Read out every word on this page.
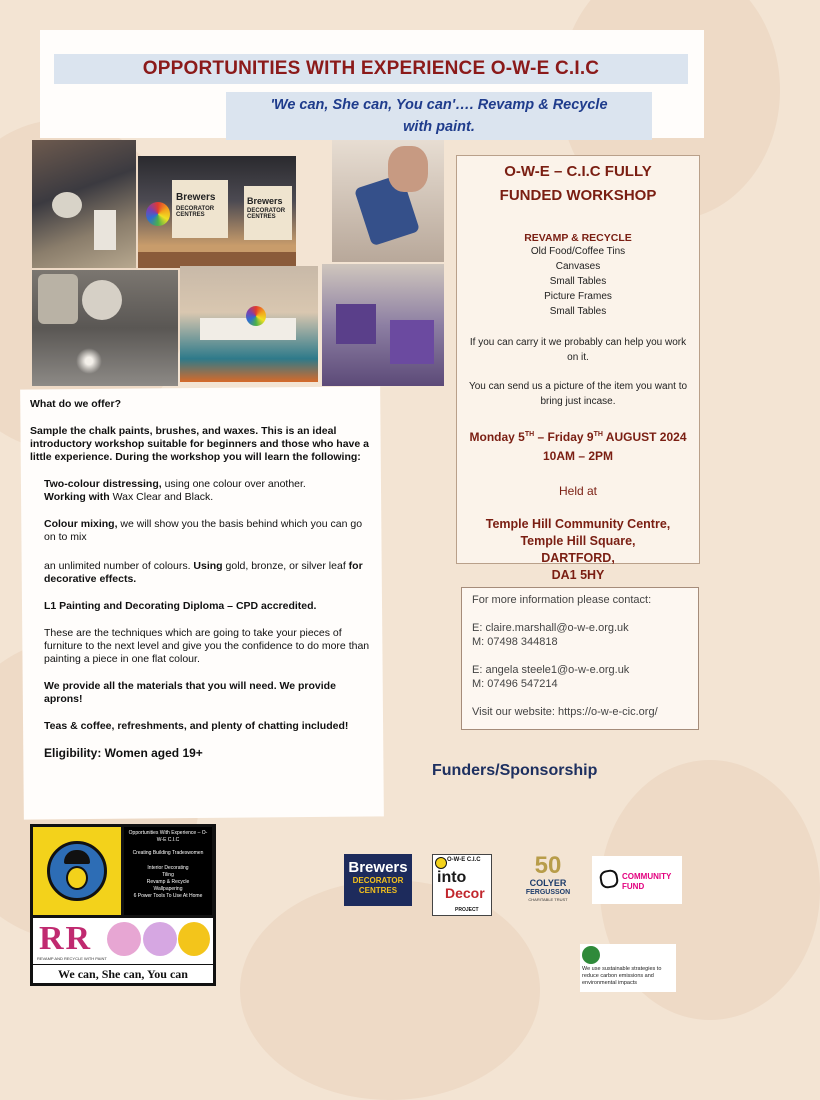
OPPORTUNITIES WITH EXPERIENCE O-W-E C.I.C
'We can, She can, You can'…. Revamp & Recycle
with paint.
Brewers
DECORATOR CENTRES
Brewers
DECORATOR CENTRES
O-W-E – C.I.C FULLY
FUNDED WORKSHOP
REVAMP & RECYCLE
Old Food/Coffee Tins
Canvases
Small Tables
Picture Frames
Small Tables
If you can carry it we probably can help you work on it.
You can send us a picture of the item you want to bring just incase.
Monday 5TH – Friday 9TH AUGUST 2024
10AM – 2PM
Held at
Temple Hill Community Centre,
Temple Hill Square,
DARTFORD,
DA1 5HY
For more information please contact:
E: claire.marshall@o-w-e.org.uk
M: 07498 344818
E: angela steele1@o-w-e.org.uk
M: 07496 547214
Visit our website: https://o-w-e-cic.org/
What do we offer?
Sample the chalk paints, brushes, and waxes. This is an ideal introductory workshop suitable for beginners and those who have a little experience. During the workshop you will learn the following:
Two-colour distressing, using one colour over another.
Working with Wax Clear and Black.
Colour mixing, we will show you the basis behind which you can go on to mix
an unlimited number of colours. Using gold, bronze, or silver leaf for decorative effects.
L1 Painting and Decorating Diploma – CPD accredited.
These are the techniques which are going to take your pieces of furniture to the next level and give you the confidence to do more than painting a piece in one flat colour.
We provide all the materials that you will need. We provide aprons!
Teas & coffee, refreshments, and plenty of chatting included!
Eligibility: Women aged 19+
Opportunities With Experience – O-W-E C.I.C
Creating Building Tradeswomen
Interior Decorating
Tiling
Revamp & Recycle
Wallpapering
6 Power Tools To Use At Home
RR
REVAMP AND RECYCLE WITH PAINT
We can, She can, You can
Funders/Sponsorship
Brewers
DECORATOR
CENTRES
O-W-E C.I.C
into
Decor
PROJECT
50
COLYER
FERGUSSON
CHARITABLE TRUST
COMMUNITY
FUND
We use sustainable strategies to reduce carbon emissions and environmental impacts
